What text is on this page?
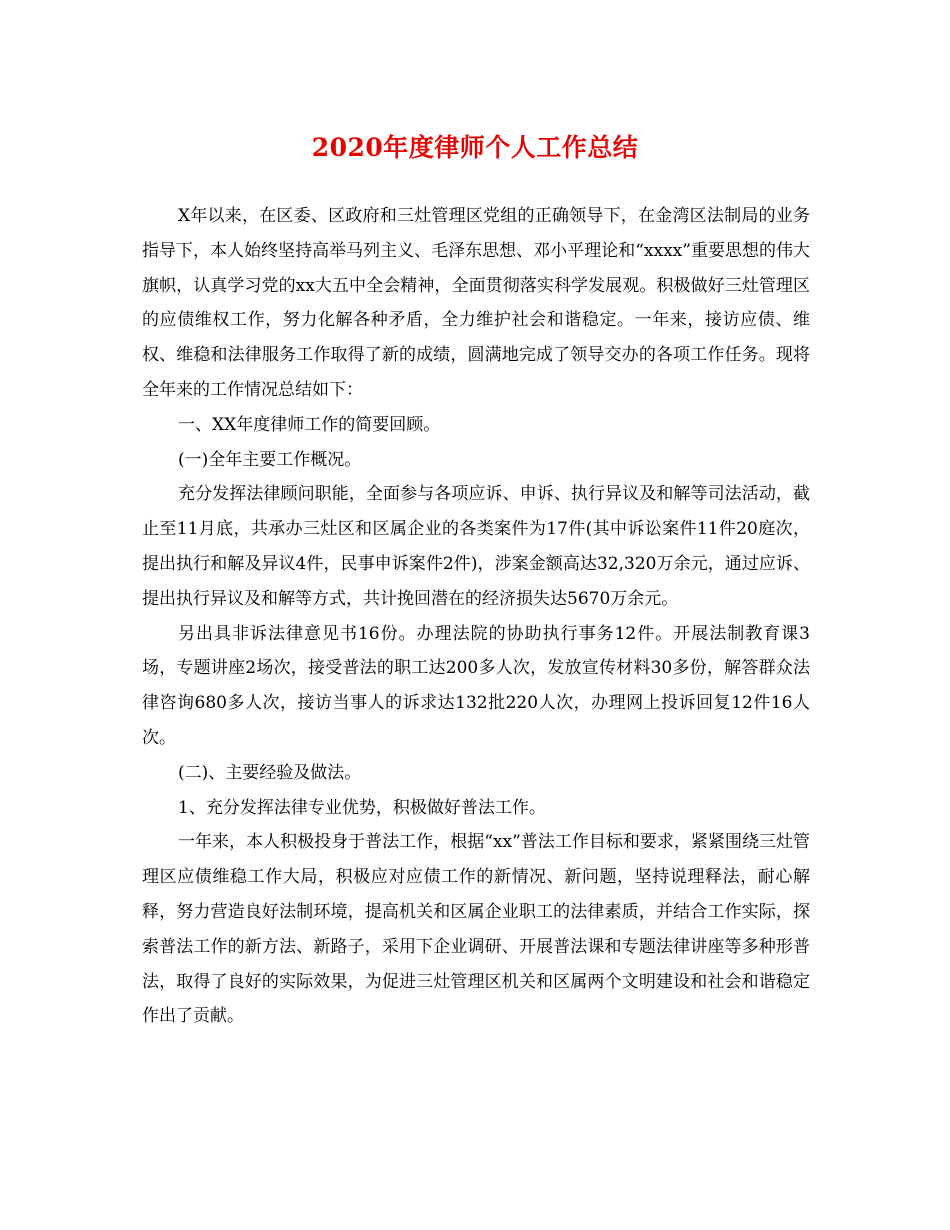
2020年度律师个人工作总结

X年以来，在区委、区政府和三灶管理区党组的正确领导下，在金湾区法制局的业务指导下，本人始终坚持高举马列主义、毛泽东思想、邓小平理论和“xxxx”重要思想的伟大旗帜，认真学习党的xx大五中全会精神，全面贯彻落实科学发展观。积极做好三灶管理区的应债维权工作，努力化解各种矛盾，全力维护社会和谐稳定。一年来，接访应债、维权、维稳和法律服务工作取得了新的成绩，圆满地完成了领导交办的各项工作任务。现将全年来的工作情况总结如下：

一、XX年度律师工作的简要回顾。

(一)全年主要工作概况。

充分发挥法律顾问职能，全面参与各项应诉、申诉、执行异议及和解等司法活动，截止至11月底，共承办三灶区和区属企业的各类案件为17件(其中诉讼案件11件20庭次，提出执行和解及异议4件，民事申诉案件2件)，涉案金额高达32,320万余元，通过应诉、提出执行异议及和解等方式，共计挽回潜在的经济损失达5670万余元。

另出具非诉法律意见书16份。办理法院的协助执行事务12件。开展法制教育课3场，专题讲座2场次，接受普法的职工达200多人次，发放宣传材料30多份，解答群众法律咨询680多人次，接访当事人的诉求达132批220人次，办理网上投诉回复12件16人次。

(二)、主要经验及做法。

1、充分发挥法律专业优势，积极做好普法工作。

一年来，本人积极投身于普法工作，根据“xx”普法工作目标和要求，紧紧围绕三灶管理区应债维稳工作大局，积极应对应债工作的新情况、新问题，坚持说理释法，耐心解释，努力营造良好法制环境，提高机关和区属企业职工的法律素质，并结合工作实际，探索普法工作的新方法、新路子，采用下企业调研、开展普法课和专题法律讲座等多种形普法，取得了良好的实际效果，为促进三灶管理区机关和区属两个文明建设和社会和谐稳定作出了贡献。
